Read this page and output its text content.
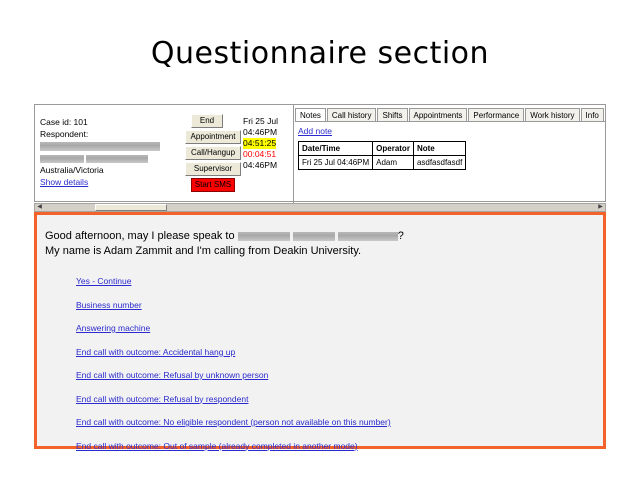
Questionnaire section
Case id: 101
Respondent:

Australia/Victoria
Show details
End
Appointment
Call/Hangup
Supervisor
Start SMS
Fri 25 Jul
04:46PM
04:51:25
00:04:51
04:46PM
Notes	Call history	Shifts	Appointments	Performance	Work history	Info
Add note
Date/Time	Operator	Note
Fri 25 Jul 04:46PM	Adam	asdfasdfasdf
◀	▶
Good afternoon, may I please speak to	?
My name is Adam Zammit and I'm calling from Deakin University.
Yes - Continue
Business number
Answering machine
End call with outcome: Accidental hang up
End call with outcome: Refusal by unknown person
End call with outcome: Refusal by respondent
End call with outcome: No eligible respondent (person not available on this number)
End call with outcome: Out of sample (already completed in another mode)
